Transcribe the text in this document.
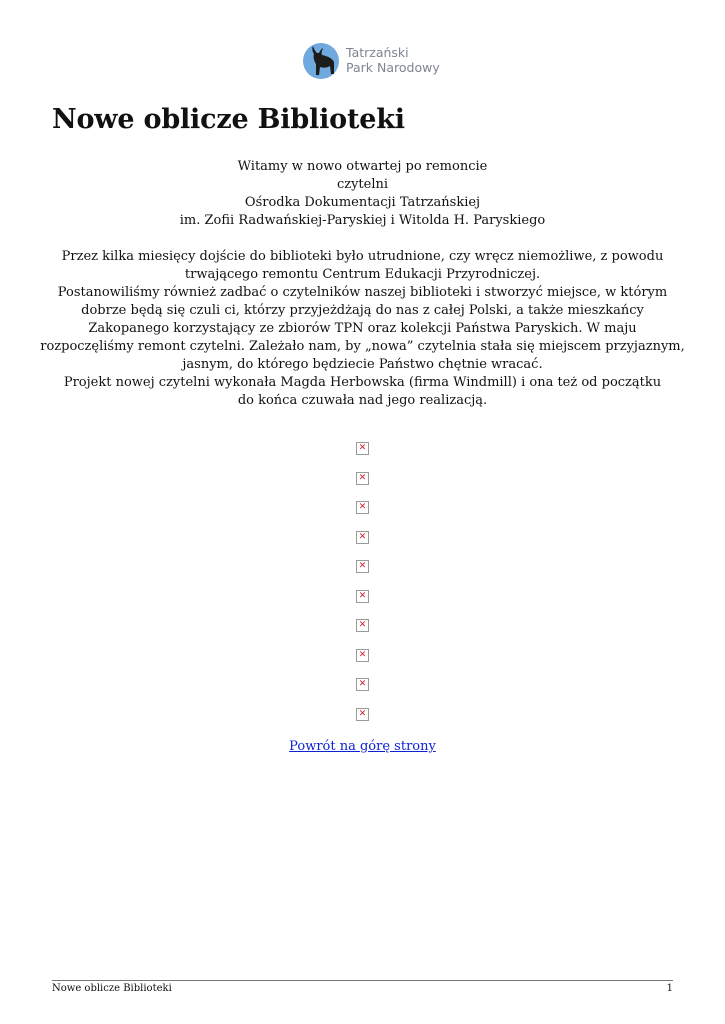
Tatrzański
Park Narodowy
Nowe oblicze Biblioteki

Witamy w nowo otwartej po remoncie

czytelni

Ośrodka Dokumentacji Tatrzańskiej

im. Zofii Radwańskiej-Paryskiej i Witolda H. Paryskiego

Przez kilka miesięcy dojście do biblioteki było utrudnione, czy wręcz niemożliwe, z powodu trwającego remontu Centrum Edukacji Przyrodniczej.

Postanowiliśmy również zadbać o czytelników naszej biblioteki i stworzyć miejsce, w którym dobrze będą się czuli ci, którzy przyjeżdżają do nas z całej Polski, a także mieszkańcy Zakopanego korzystający ze zbiorów TPN oraz kolekcji Państwa Paryskich. W maju rozpoczęliśmy remont czytelni. Zależało nam, by „nowa” czytelnia stała się miejscem przyjaznym, jasnym, do którego będziecie Państwo chętnie wracać.

Projekt nowej czytelni wykonała Magda Herbowska (firma Windmill) i ona też od początku do końca czuwała nad jego realizacją.

✕
✕
✕
✕
✕
✕
✕
✕
✕
✕
Powrót na górę strony
Nowe oblicze Biblioteki	1
